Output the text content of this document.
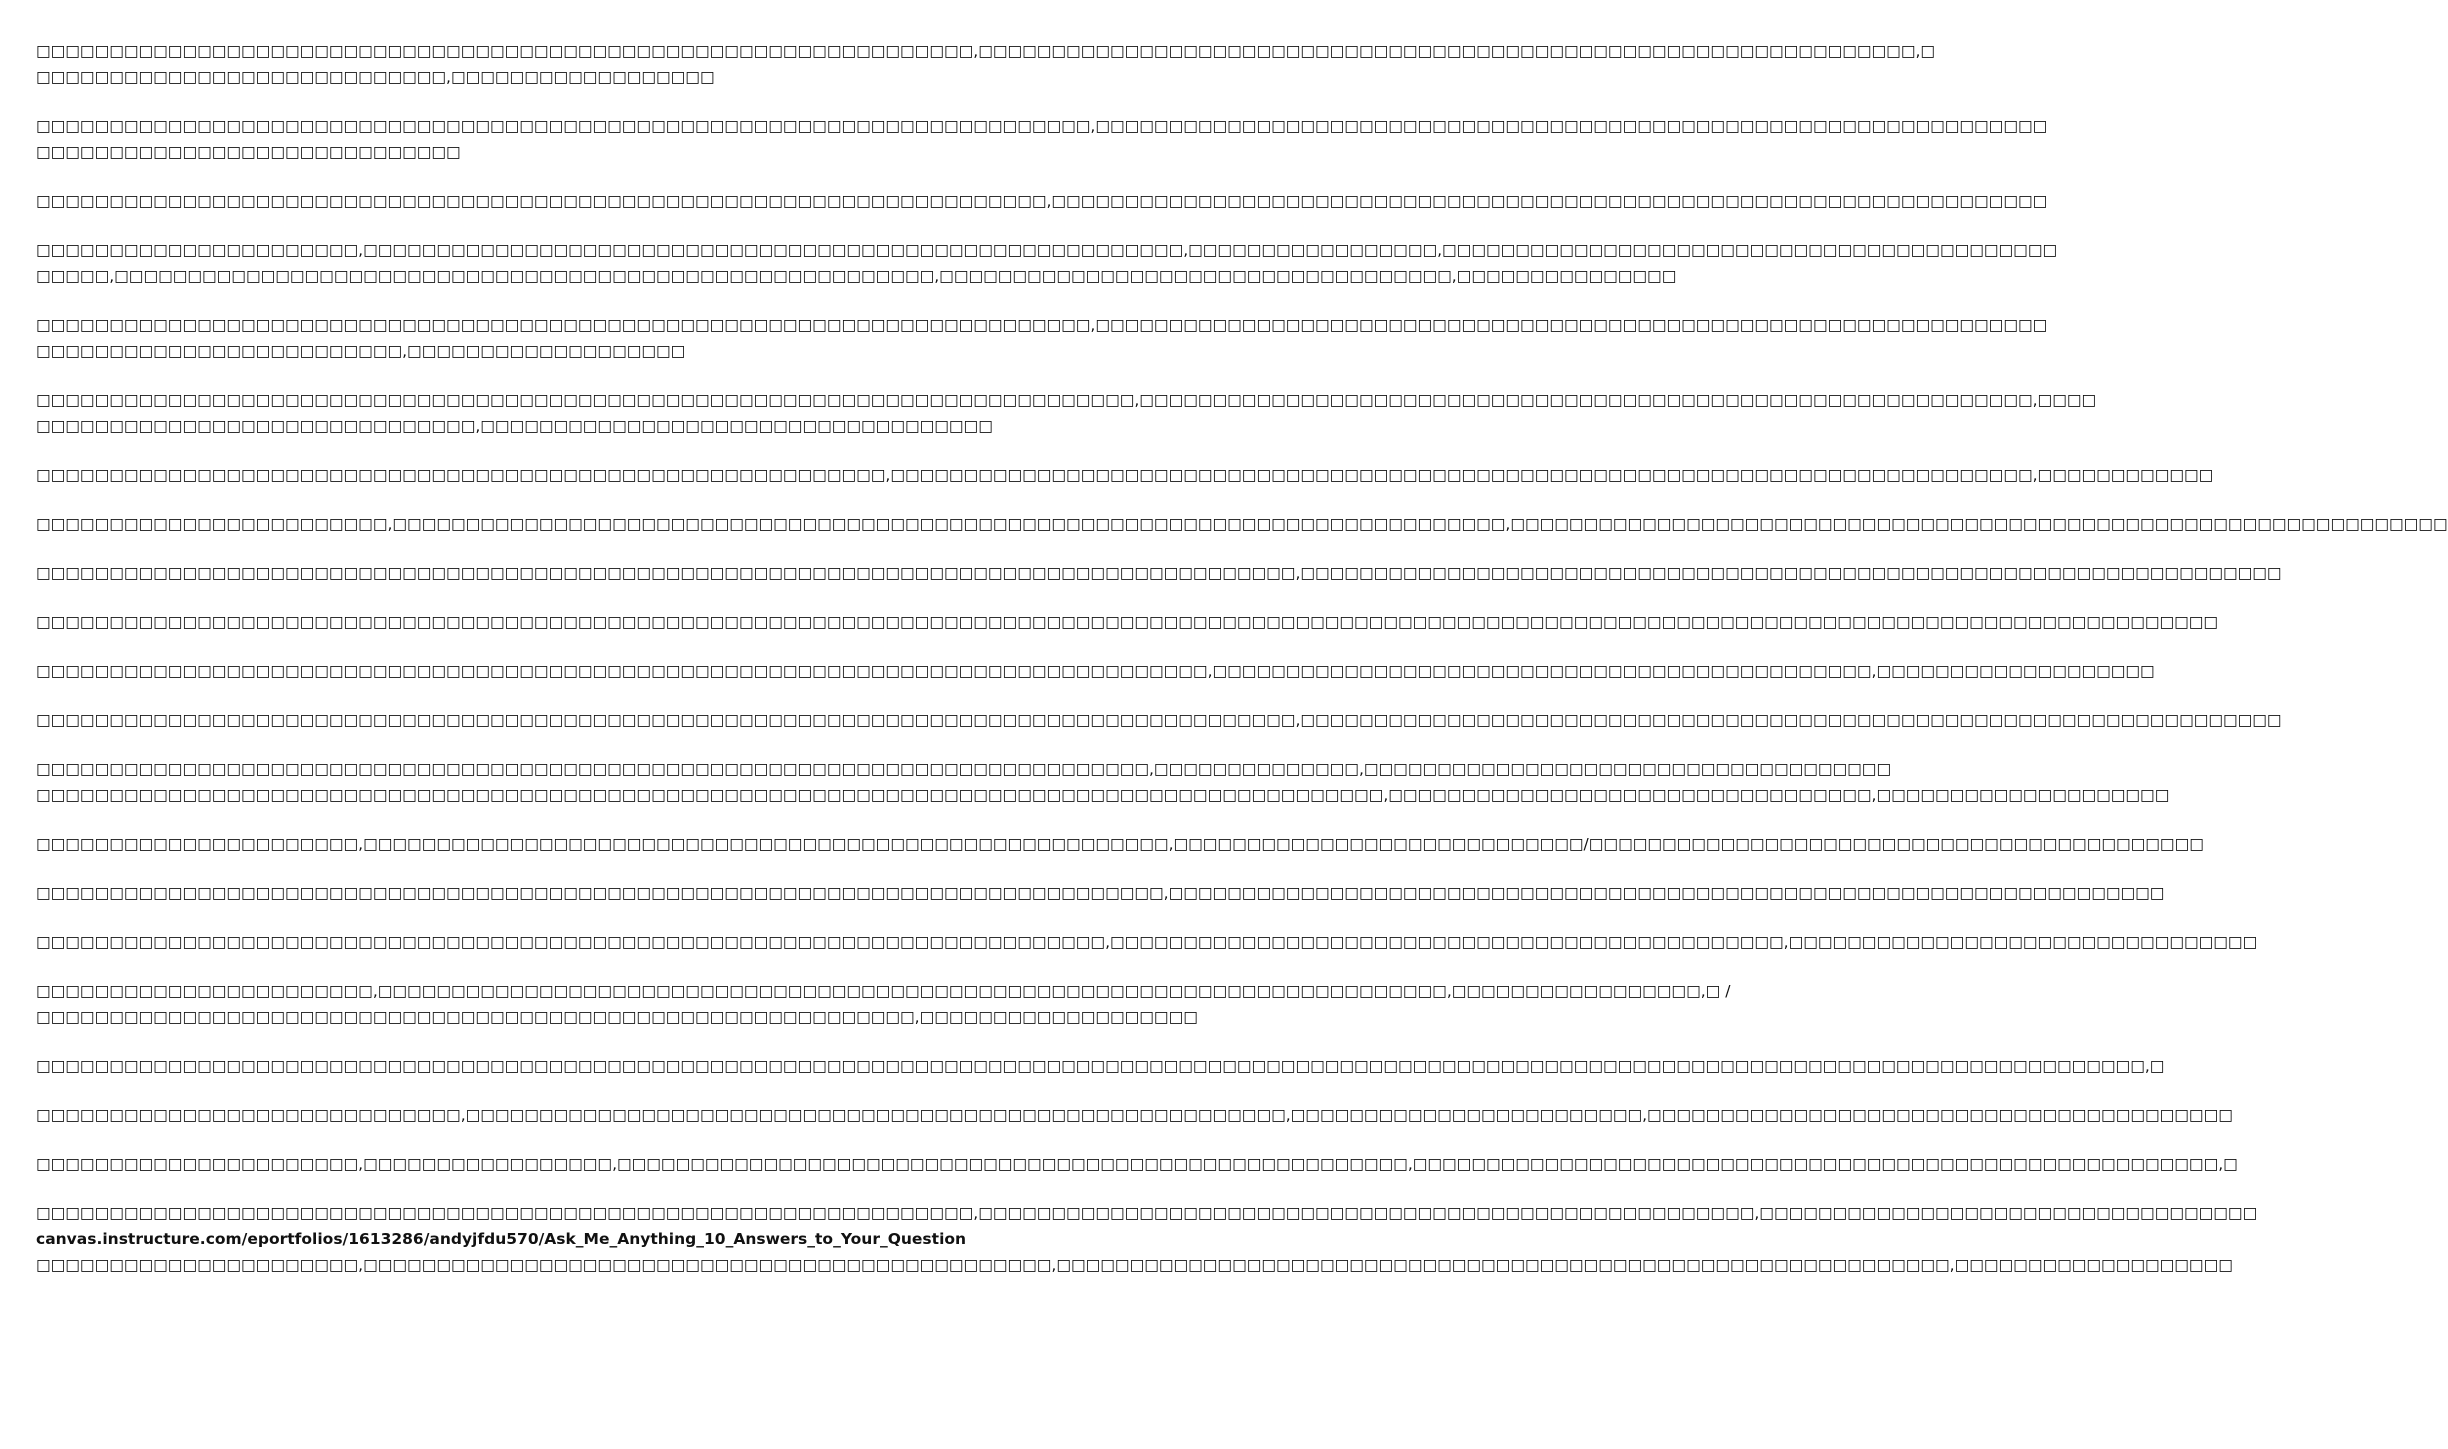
□□□□□□□□□□□□□□□□□□□□□□□□□□□□□□□□□□□□□□□□□□□□□□□□□□□□□□□□□□□□□□□□,□□□□□□□□□□□□□□□□□□□□□□□□□□□□□□□□□□□□□□□□□□□□□□□□□□□□□□□□□□□□□□□□,□
□□□□□□□□□□□□□□□□□□□□□□□□□□□□,□□□□□□□□□□□□□□□□□□
□□□□□□□□□□□□□□□□□□□□□□□□□□□□□□□□□□□□□□□□□□□□□□□□□□□□□□□□□□□□□□□□□□□□□□□□,□□□□□□□□□□□□□□□□□□□□□□□□□□□□□□□□□□□□□□□□□□□□□□□□□□□□□□□□□□□□□□□□□
□□□□□□□□□□□□□□□□□□□□□□□□□□□□□
□□□□□□□□□□□□□□□□□□□□□□□□□□□□□□□□□□□□□□□□□□□□□□□□□□□□□□□□□□□□□□□□□□□□□,□□□□□□□□□□□□□□□□□□□□□□□□□□□□□□□□□□□□□□□□□□□□□□□□□□□□□□□□□□□□□□□□□□□□
□□□□□□□□□□□□□□□□□□□□□□,□□□□□□□□□□□□□□□□□□□□□□□□□□□□□□□□□□□□□□□□□□□□□□□□□□□□□□□□,□□□□□□□□□□□□□□□□□,□□□□□□□□□□□□□□□□□□□□□□□□□□□□□□□□□□□□□□□□□□
□□□□□,□□□□□□□□□□□□□□□□□□□□□□□□□□□□□□□□□□□□□□□□□□□□□□□□□□□□□□□□,□□□□□□□□□□□□□□□□□□□□□□□□□□□□□□□□□□□,□□□□□□□□□□□□□□□
□□□□□□□□□□□□□□□□□□□□□□□□□□□□□□□□□□□□□□□□□□□□□□□□□□□□□□□□□□□□□□□□□□□□□□□□,□□□□□□□□□□□□□□□□□□□□□□□□□□□□□□□□□□□□□□□□□□□□□□□□□□□□□□□□□□□□□□□□□
□□□□□□□□□□□□□□□□□□□□□□□□□,□□□□□□□□□□□□□□□□□□□
□□□□□□□□□□□□□□□□□□□□□□□□□□□□□□□□□□□□□□□□□□□□□□□□□□□□□□□□□□□□□□□□□□□□□□□□□□□,□□□□□□□□□□□□□□□□□□□□□□□□□□□□□□□□□□□□□□□□□□□□□□□□□□□□□□□□□□□□□,□□□□
□□□□□□□□□□□□□□□□□□□□□□□□□□□□□□,□□□□□□□□□□□□□□□□□□□□□□□□□□□□□□□□□□□
□□□□□□□□□□□□□□□□□□□□□□□□□□□□□□□□□□□□□□□□□□□□□□□□□□□□□□□□□□,□□□□□□□□□□□□□□□□□□□□□□□□□□□□□□□□□□□□□□□□□□□□□□□□□□□□□□□□□□□□□□□□□□□□□□□□□□□□□□,□□□□□□□□□□□□
□□□□□□□□□□□□□□□□□□□□□□□□,□□□□□□□□□□□□□□□□□□□□□□□□□□□□□□□□□□□□□□□□□□□□□□□□□□□□□□□□□□□□□□□□□□□□□□□□□□□□,□□□□□□□□□□□□□□□□□□□□□□□□□□□□□□□□□□□□□□□□□□□□□□□□□□□□□□□□□□□□□□□□
□□□□□□□□□□□□□□□□□□□□□□□□□□□□□□□□□□□□□□□□□□□□□□□□□□□□□□□□□□□□□□□□□□□□□□□□□□□□□□□□□□□□□□,□□□□□□□□□□□□□□□□□□□□□□□□□□□□□□□□□□□□□□□□□□□□□□□□□□□□□□□□□□□□□□□□□□□
□□□□□□□□□□□□□□□□□□□□□□□□□□□□□□□□□□□□□□□□□□□□□□□□□□□□□□□□□□□□□□□□□□□□□□□□□□□□□□□□□□□□□□□□□□□□□□□□□□□□□□□□□□□□□□□□□□□□□□□□□□□□□□□□□□□□□□□□□□□□□□□□□□□□□
□□□□□□□□□□□□□□□□□□□□□□□□□□□□□□□□□□□□□□□□□□□□□□□□□□□□□□□□□□□□□□□□□□□□□□□□□□□□□□□□,□□□□□□□□□□□□□□□□□□□□□□□□□□□□□□□□□□□□□□□□□□□□□,□□□□□□□□□□□□□□□□□□□
□□□□□□□□□□□□□□□□□□□□□□□□□□□□□□□□□□□□□□□□□□□□□□□□□□□□□□□□□□□□□□□□□□□□□□□□□□□□□□□□□□□□□□,□□□□□□□□□□□□□□□□□□□□□□□□□□□□□□□□□□□□□□□□□□□□□□□□□□□□□□□□□□□□□□□□□□□
□□□□□□□□□□□□□□□□□□□□□□□□□□□□□□□□□□□□□□□□□□□□□□□□□□□□□□□□□□□□□□□□□□□□□□□□□□□□,□□□□□□□□□□□□□□,□□□□□□□□□□□□□□□□□□□□□□□□□□□□□□□□□□□□
□□□□□□□□□□□□□□□□□□□□□□□□□□□□□□□□□□□□□□□□□□□□□□□□□□□□□□□□□□□□□□□□□□□□□□□□□□□□□□□□□□□□□□□□□□□□,□□□□□□□□□□□□□□□□□□□□□□□□□□□□□□□□□,□□□□□□□□□□□□□□□□□□□□
□□□□□□□□□□□□□□□□□□□□□□,□□□□□□□□□□□□□□□□□□□□□□□□□□□□□□□□□□□□□□□□□□□□□□□□□□□□□□□,□□□□□□□□□□□□□□□□□□□□□□□□□□□□/□□□□□□□□□□□□□□□□□□□□□□□□□□□□□□□□□□□□□□□□□□
□□□□□□□□□□□□□□□□□□□□□□□□□□□□□□□□□□□□□□□□□□□□□□□□□□□□□□□□□□□□□□□□□□□□□□□□□□□□□,□□□□□□□□□□□□□□□□□□□□□□□□□□□□□□□□□□□□□□□□□□□□□□□□□□□□□□□□□□□□□□□□□□□□
□□□□□□□□□□□□□□□□□□□□□□□□□□□□□□□□□□□□□□□□□□□□□□□□□□□□□□□□□□□□□□□□□□□□□□□□□,□□□□□□□□□□□□□□□□□□□□□□□□□□□□□□□□□□□□□□□□□□□□□□,□□□□□□□□□□□□□□□□□□□□□□□□□□□□□□□□
□□□□□□□□□□□□□□□□□□□□□□□,□□□□□□□□□□□□□□□□□□□□□□□□□□□□□□□□□□□□□□□□□□□□□□□□□□□□□□□□□□□□□□□□□□□□□□□□□,□□□□□□□□□□□□□□□□□,□ /
□□□□□□□□□□□□□□□□□□□□□□□□□□□□□□□□□□□□□□□□□□□□□□□□□□□□□□□□□□□□,□□□□□□□□□□□□□□□□□□□
□□□□□□□□□□□□□□□□□□□□□□□□□□□□□□□□□□□□□□□□□□□□□□□□□□□□□□□□□□□□□□□□□□□□□□□□□□□□□□□□□□□□□□□□□□□□□□□□□□□□□□□□□□□□□□□□□□□□□□□□□□□□□□□□□□□□□□□□□□□□□□□□,□
□□□□□□□□□□□□□□□□□□□□□□□□□□□□□,□□□□□□□□□□□□□□□□□□□□□□□□□□□□□□□□□□□□□□□□□□□□□□□□□□□□□□□□,□□□□□□□□□□□□□□□□□□□□□□□□,□□□□□□□□□□□□□□□□□□□□□□□□□□□□□□□□□□□□□□□□
□□□□□□□□□□□□□□□□□□□□□□,□□□□□□□□□□□□□□□□□,□□□□□□□□□□□□□□□□□□□□□□□□□□□□□□□□□□□□□□□□□□□□□□□□□□□□□□,□□□□□□□□□□□□□□□□□□□□□□□□□□□□□□□□□□□□□□□□□□□□□□□□□□□□□□□,□
□□□□□□□□□□□□□□□□□□□□□□□□□□□□□□□□□□□□□□□□□□□□□□□□□□□□□□□□□□□□□□□□,□□□□□□□□□□□□□□□□□□□□□□□□□□□□□□□□□□□□□□□□□□□□□□□□□□□□□,□□□□□□□□□□□□□□□□□□□□□□□□□□□□□□□□□□
canvas.instructure.com/eportfolios/1613286/andyjfdu570/Ask_Me_Anything_10_Answers_to_Your_Question
□□□□□□□□□□□□□□□□□□□□□□,□□□□□□□□□□□□□□□□□□□□□□□□□□□□□□□□□□□□□□□□□□□□□□□,□□□□□□□□□□□□□□□□□□□□□□□□□□□□□□□□□□□□□□□□□□□□□□□□□□□□□□□□□□□□□,□□□□□□□□□□□□□□□□□□□
